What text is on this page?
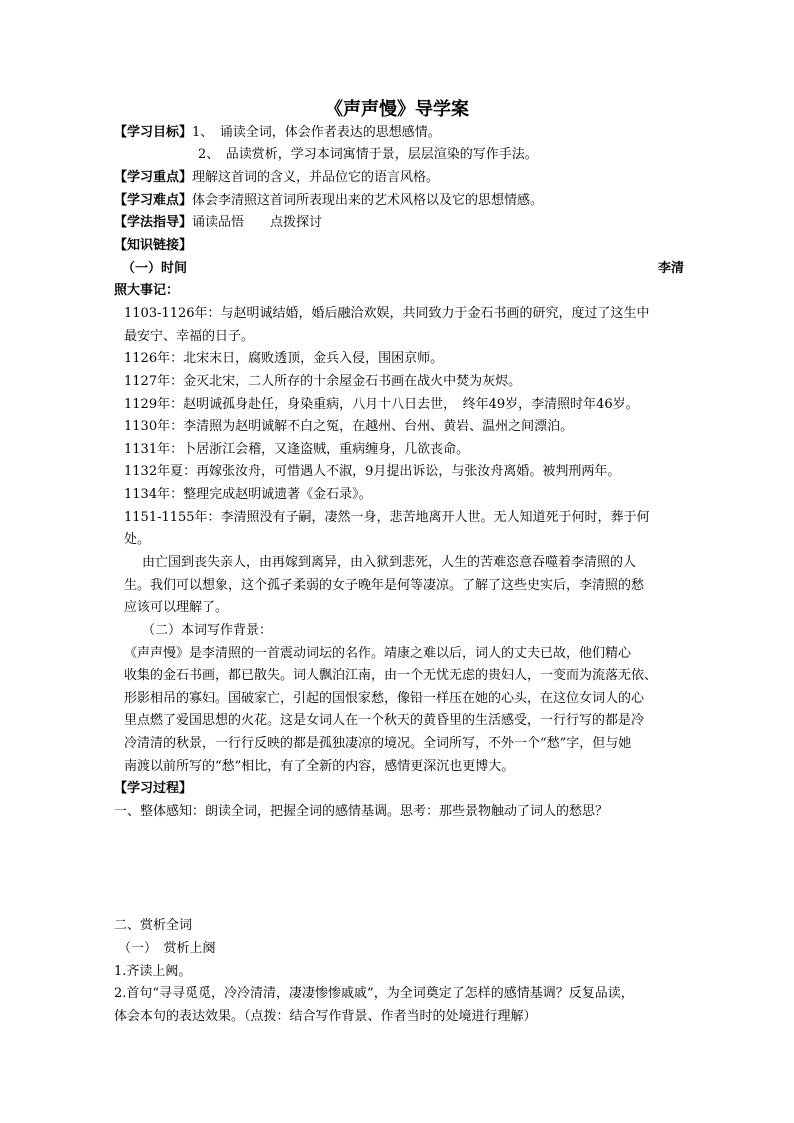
《声声慢》导学案
【学习目标】1、　诵读全词，体会作者表达的思想感情。
2、　品读赏析，学习本词寓情于景，层层渲染的写作手法。
【学习重点】理解这首词的含义，并品位它的语言风格。
【学习难点】体会李清照这首词所表现出来的艺术风格以及它的思想情感。
【学法指导】诵读品悟　　点拨探讨
【知识链接】
（一）时间	李清
照大事记：
1103-1126年：与赵明诚结婚，婚后融洽欢娱，共同致力于金石书画的研究，度过了这生中
最安宁、幸福的日子。
1126年：北宋末日，腐败透顶，金兵入侵，围困京师。
1127年：金灭北宋，二人所存的十余屋金石书画在战火中焚为灰烬。
1129年：赵明诚孤身赴任，身染重病，八月十八日去世，　终年49岁，李清照时年46岁。
1130年：李清照为赵明诚解不白之冤，在越州、台州、黄岩、温州之间漂泊。
1131年：卜居浙江会稽，又逢盗贼，重病缠身，几欲丧命。
1132年夏：再嫁张汝舟，可惜遇人不淑，9月提出诉讼，与张汝舟离婚。被判刑两年。
1134年：整理完成赵明诚遗著《金石录》。
1151-1155年：李清照没有子嗣，凄然一身，悲苦地离开人世。无人知道死于何时，葬于何
处。
由亡国到丧失亲人，由再嫁到离异，由入狱到悲死，人生的苦难恣意吞噬着李清照的人
生。我们可以想象，这个孤孑柔弱的女子晚年是何等凄凉。了解了这些史实后，李清照的愁
应该可以理解了。
（二）本词写作背景：
《声声慢》是李清照的一首震动词坛的名作。靖康之难以后，词人的丈夫已故，他们精心
收集的金石书画，都已散失。词人飘泊江南，由一个无忧无虑的贵妇人，一变而为流落无依、
形影相吊的寡妇。国破家亡，引起的国恨家愁，像铅一样压在她的心头，在这位女词人的心
里点燃了爱国思想的火花。这是女词人在一个秋天的黄昏里的生活感受，一行行写的都是冷
冷清清的秋景，一行行反映的都是孤独凄凉的境况。全词所写，不外一个“愁”字，但与她
南渡以前所写的“愁”相比，有了全新的内容，感情更深沉也更博大。
【学习过程】
一、整体感知：朗读全词，把握全词的感情基调。思考：那些景物触动了词人的愁思？
二、赏析全词
（一）　赏析上阕
1.齐读上阙。
2.首句“寻寻觅觅，冷冷清清，凄凄惨惨戚戚”，为全词奠定了怎样的感情基调？反复品读，
体会本句的表达效果。（点拨：结合写作背景、作者当时的处境进行理解）
